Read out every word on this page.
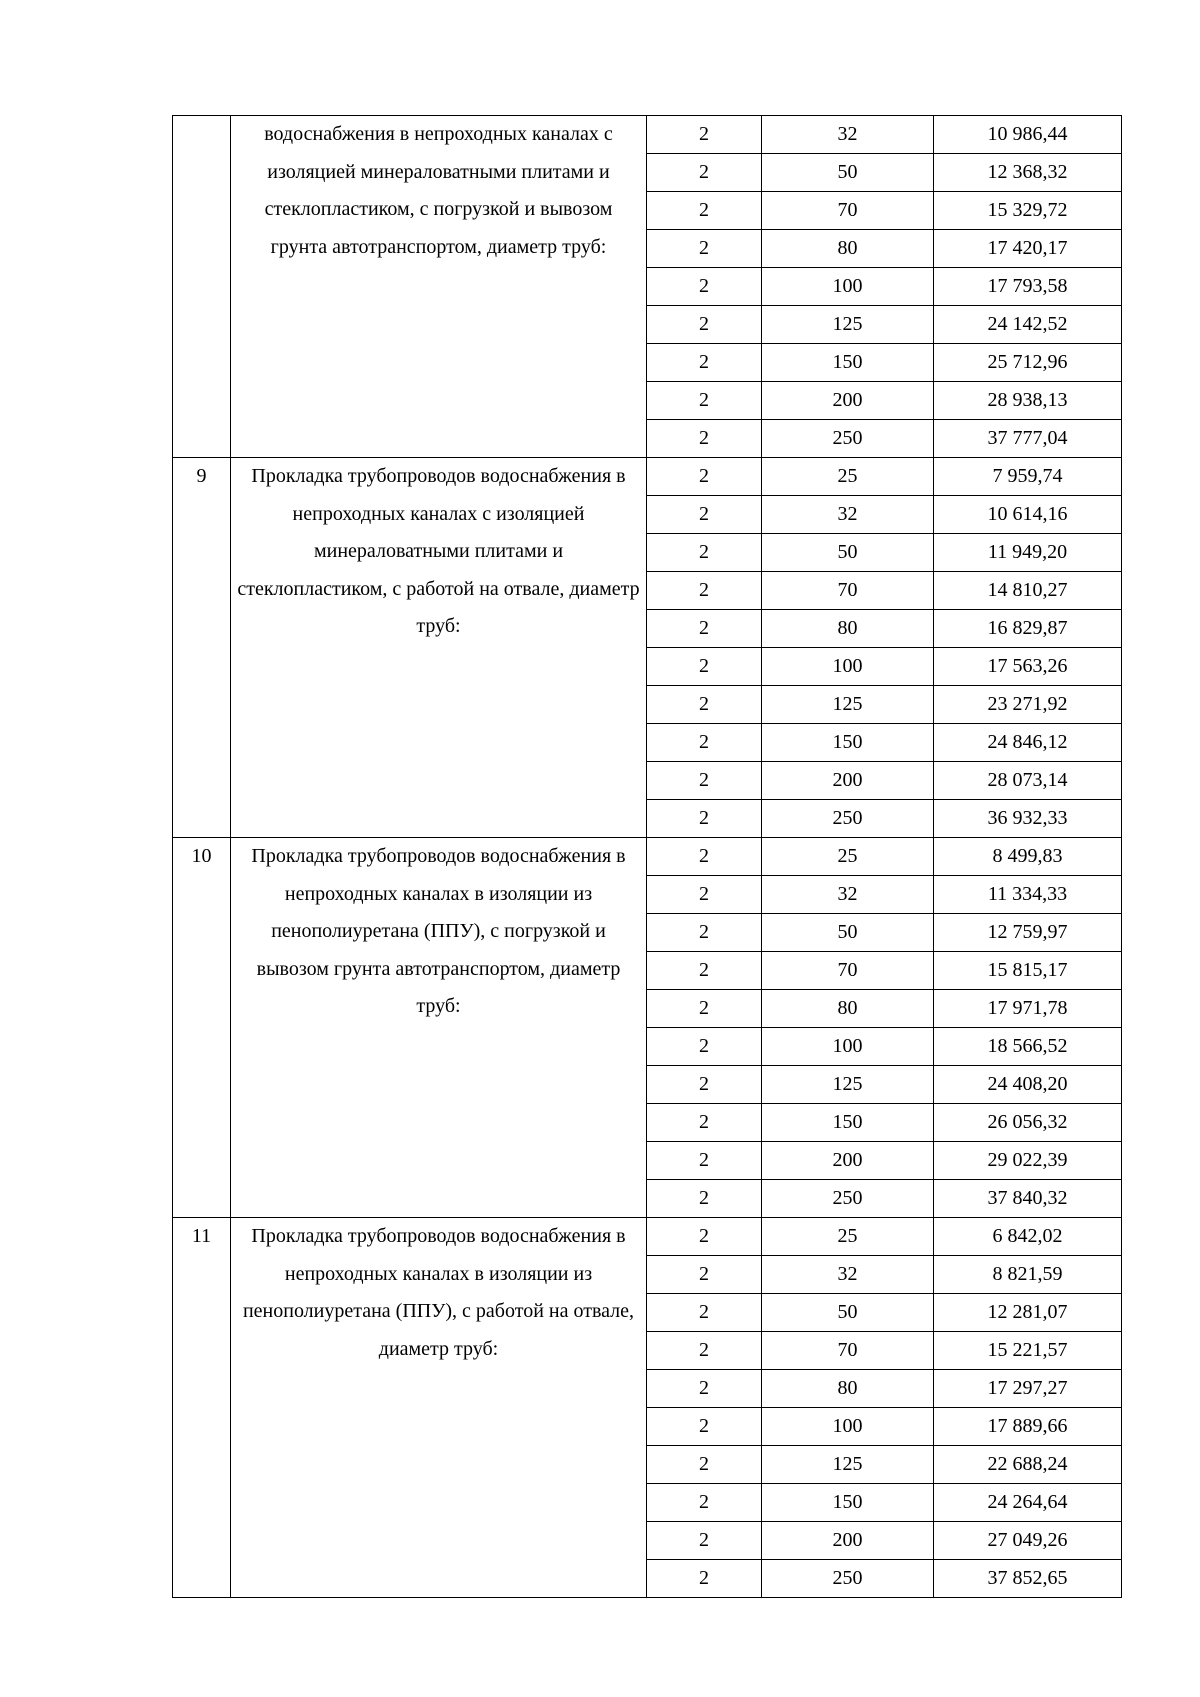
	водоснабжения в непроходных каналах с изоляцией минераловатными плитами и стеклопластиком, с погрузкой и вывозом грунта автотранспортом, диаметр труб:	2	32	10 986,44
		2	50	12 368,32
		2	70	15 329,72
		2	80	17 420,17
		2	100	17 793,58
		2	125	24 142,52
		2	150	25 712,96
		2	200	28 938,13
		2	250	37 777,04
9	Прокладка трубопроводов водоснабжения в непроходных каналах с изоляцией минераловатными плитами и стеклопластиком, с работой на отвале, диаметр труб:	2	25	7 959,74
		2	32	10 614,16
		2	50	11 949,20
		2	70	14 810,27
		2	80	16 829,87
		2	100	17 563,26
		2	125	23 271,92
		2	150	24 846,12
		2	200	28 073,14
		2	250	36 932,33
10	Прокладка трубопроводов водоснабжения в непроходных каналах в изоляции из пенополиуретана (ППУ), с погрузкой и вывозом грунта автотранспортом, диаметр труб:	2	25	8 499,83
		2	32	11 334,33
		2	50	12 759,97
		2	70	15 815,17
		2	80	17 971,78
		2	100	18 566,52
		2	125	24 408,20
		2	150	26 056,32
		2	200	29 022,39
		2	250	37 840,32
11	Прокладка трубопроводов водоснабжения в непроходных каналах в изоляции из пенополиуретана (ППУ), с работой на отвале, диаметр труб:	2	25	6 842,02
		2	32	8 821,59
		2	50	12 281,07
		2	70	15 221,57
		2	80	17 297,27
		2	100	17 889,66
		2	125	22 688,24
		2	150	24 264,64
		2	200	27 049,26
		2	250	37 852,65
